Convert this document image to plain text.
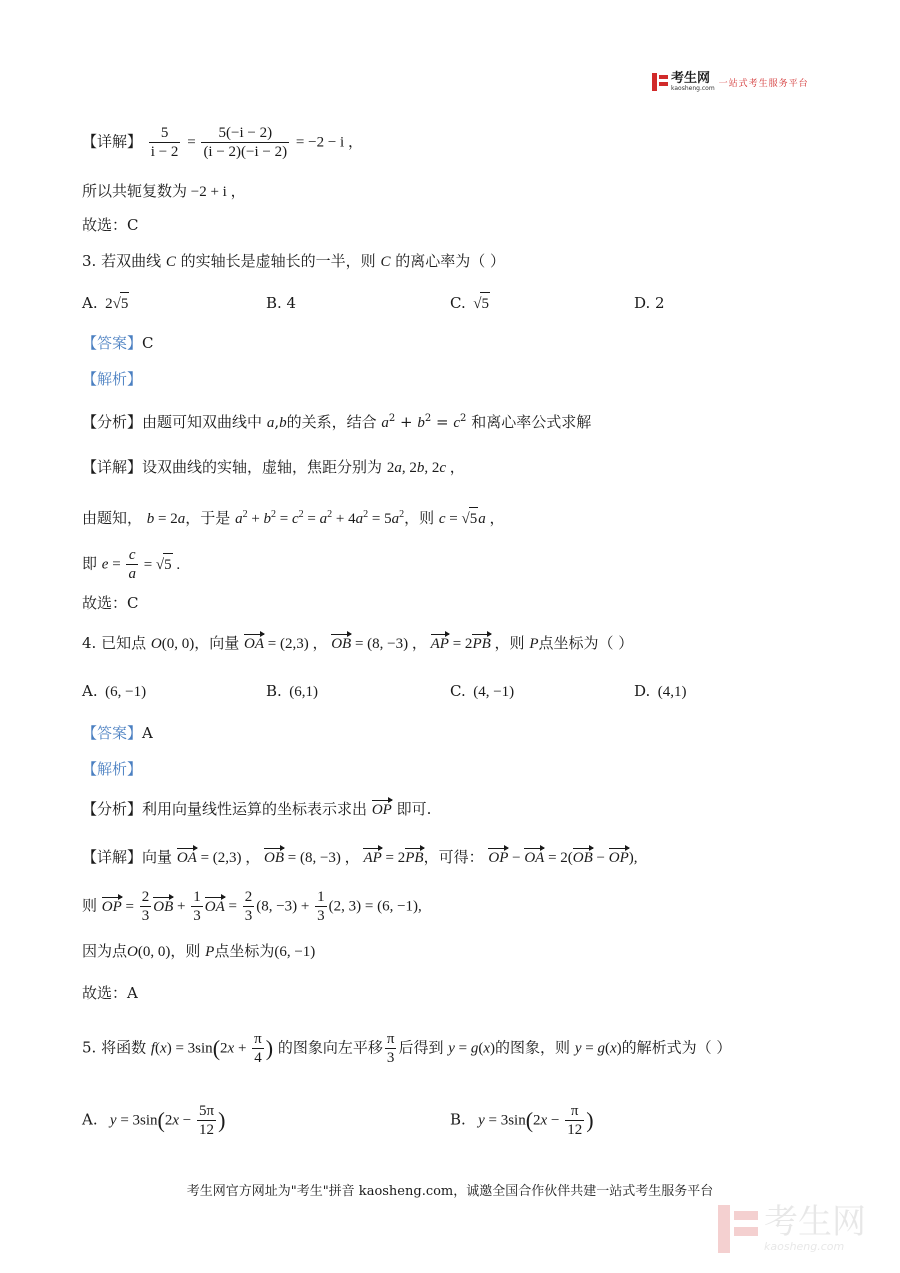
考生网
kaosheng.com 一站式考生服务平台
【详解】 $\frac{5}{i - 2} = \frac{5(-i - 2)}{(i - 2)(-i - 2)} = -2 - i$ ，
所以共轭复数为 −2 + i ，
故选：C
3. 若双曲线 C 的实轴长是虚轴长的一半，则 C 的离心率为（ ）
A.  2√5	B. 4	C.  √5	D. 2
【答案】C
【解析】
【分析】由题可知双曲线中 a,b的关系，结合 $a^2 + b^2 = c^2$ 和离心率公式求解
【详解】设双曲线的实轴，虚轴，焦距分别为 2a, 2b, 2c ，
由题知， b = 2a，于是 $a^2 + b^2 = c^2 = a^2 + 4a^2 = 5a^2$，则 c = √5a ，
即 $e = \frac{c}{a} = √5$ .
故选：C
4. 已知点 O(0, 0)，向量 OA = (2,3) ， OB = (8, −3) ， AP = 2PB ，则 P点坐标为（ ）
A.  (6, −1)	B.  (6,1)	C.  (4, −1)	D.  (4,1)
【答案】A
【解析】
【分析】利用向量线性运算的坐标表示求出 OP 即可.
【详解】向量 OA = (2,3) ， OB = (8, −3) ， AP = 2PB，可得： OP − OA = 2(OB − OP),
则 OP = $\frac{2}{3}$ OB + $\frac{1}{3}$ OA = $\frac{2}{3} (8$, $-3) + \frac{1}{3} (2$, 3) = (6, −1),
因为点O(0, 0)，则 P点坐标为(6, −1)
故选：A
5. 将函数 $f(x) = 3\sin(2x + \frac{\pi}{4}$ ) 的图象向左平移 $\frac{\pi}{3}$ 后得到 y = g(x)的图象，则 y = g(x)的解析式为（ ）
A. $y = 3\sin(2x - \frac{5\pi}{12}$ )	B. $y = 3\sin(2x - \frac{\pi}{12}$ )
考生网官方网址为"考生"拼音 kaosheng.com，诚邀全国合作伙伴共建一站式考生服务平台
考生网
kaosheng.com
